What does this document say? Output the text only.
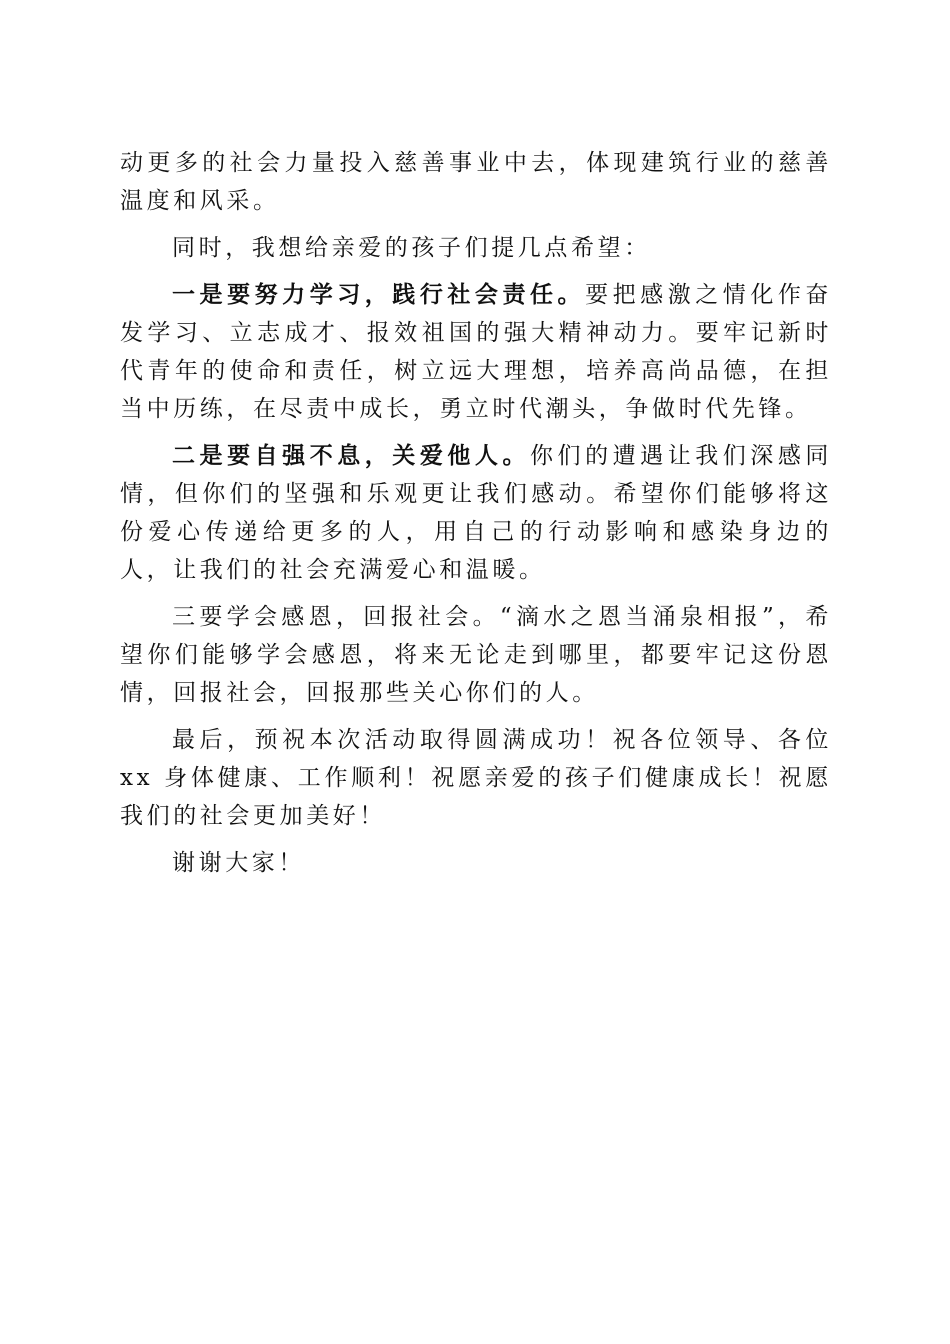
动更多的社会力量投入慈善事业中去，体现建筑行业的慈善温度和风采。

同时，我想给亲爱的孩子们提几点希望：

一是要努力学习，践行社会责任。要把感激之情化作奋发学习、立志成才、报效祖国的强大精神动力。要牢记新时代青年的使命和责任，树立远大理想，培养高尚品德，在担当中历练，在尽责中成长，勇立时代潮头，争做时代先锋。

二是要自强不息，关爱他人。你们的遭遇让我们深感同情，但你们的坚强和乐观更让我们感动。希望你们能够将这份爱心传递给更多的人，用自己的行动影响和感染身边的人，让我们的社会充满爱心和温暖。

三要学会感恩，回报社会。“滴水之恩当涌泉相报”，希望你们能够学会感恩，将来无论走到哪里，都要牢记这份恩情，回报社会，回报那些关心你们的人。

最后，预祝本次活动取得圆满成功！祝各位领导、各位 xx 身体健康、工作顺利！祝愿亲爱的孩子们健康成长！祝愿我们的社会更加美好！

谢谢大家！
